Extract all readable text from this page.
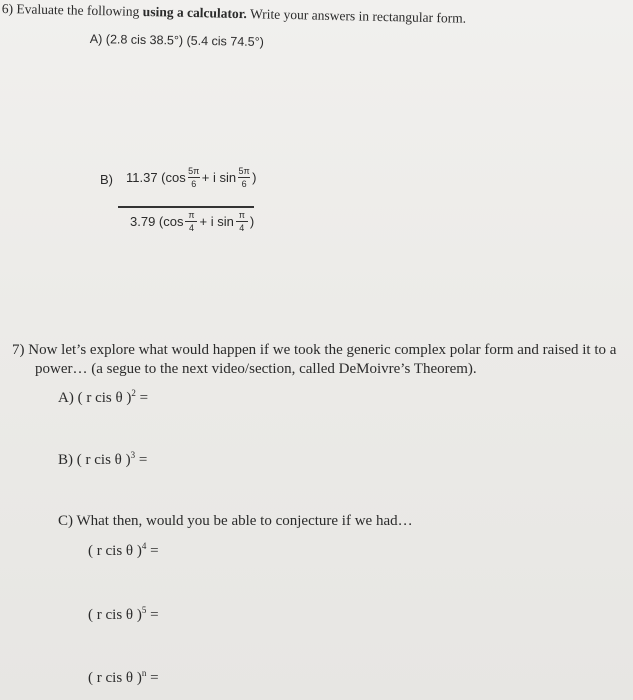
6) Evaluate the following using a calculator. Write your answers in rectangular form.
A) (2.8 cis 38.5°) (5.4 cis 74.5°)
B) 11.37 ($\cos \frac{5\pi}{6} + i$ $\sin \frac{5\pi}{6}$ )
3.79 ($\cos \frac{\pi}{4} + i$ $\sin \frac{\pi}{4}$ )
7) Now let’s explore what would happen if we took the generic complex polar form and raised it to a
power… (a segue to the next video/section, called DeMoivre’s Theorem).
A) ( r cis θ )$^2$ =
B) ( r cis θ )$^3$ =
C) What then, would you be able to conjecture if we had…
( r cis θ )$^4$ =
( r cis θ )$^5$ =
( r cis θ )$^n$ =
